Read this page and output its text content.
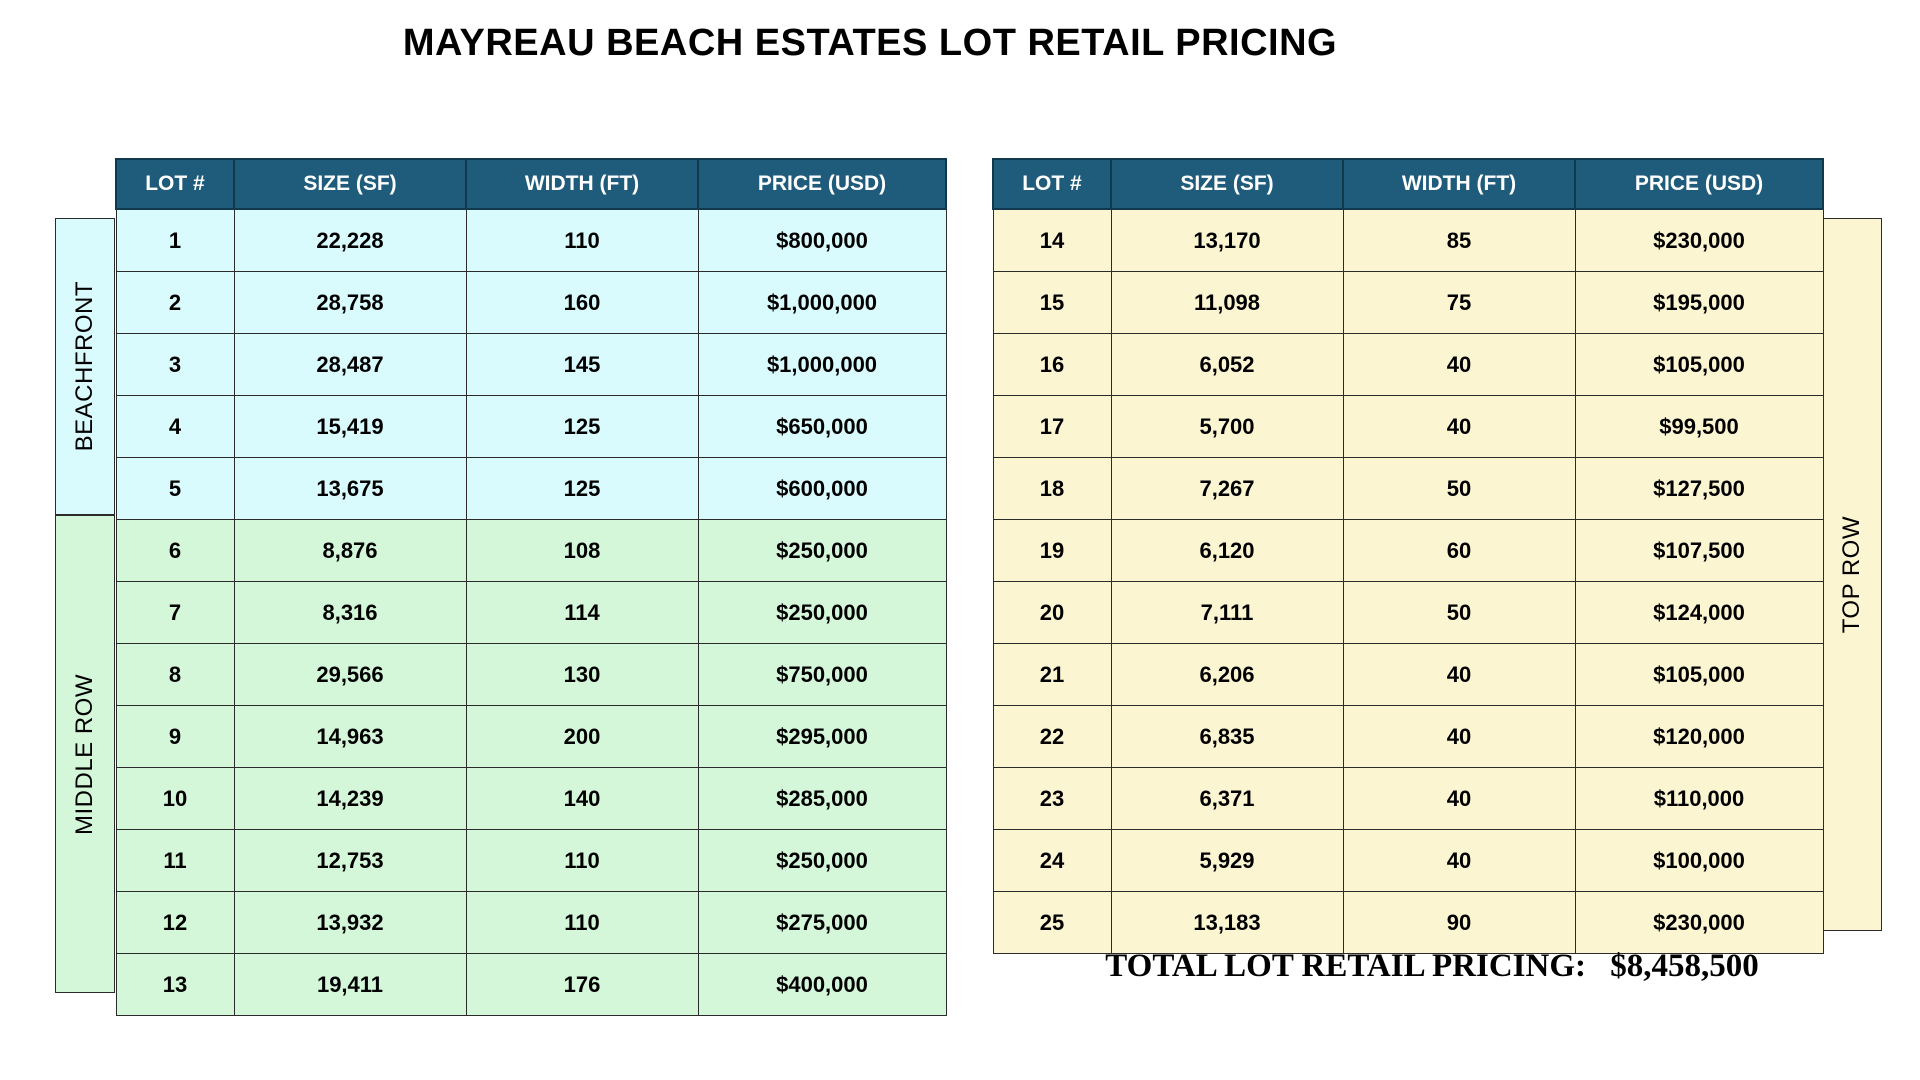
MAYREAU BEACH ESTATES LOT RETAIL PRICING
BEACHFRONT
MIDDLE ROW
TOP ROW
LOT #	SIZE (SF)	WIDTH (FT)	PRICE (USD)
1	22,228	110	$800,000
2	28,758	160	$1,000,000
3	28,487	145	$1,000,000
4	15,419	125	$650,000
5	13,675	125	$600,000
6	8,876	108	$250,000
7	8,316	114	$250,000
8	29,566	130	$750,000
9	14,963	200	$295,000
10	14,239	140	$285,000
11	12,753	110	$250,000
12	13,932	110	$275,000
13	19,411	176	$400,000
LOT #	SIZE (SF)	WIDTH (FT)	PRICE (USD)
14	13,170	85	$230,000
15	11,098	75	$195,000
16	6,052	40	$105,000
17	5,700	40	$99,500
18	7,267	50	$127,500
19	6,120	60	$107,500
20	7,111	50	$124,000
21	6,206	40	$105,000
22	6,835	40	$120,000
23	6,371	40	$110,000
24	5,929	40	$100,000
25	13,183	90	$230,000
TOTAL LOT RETAIL PRICING: $8,458,500
